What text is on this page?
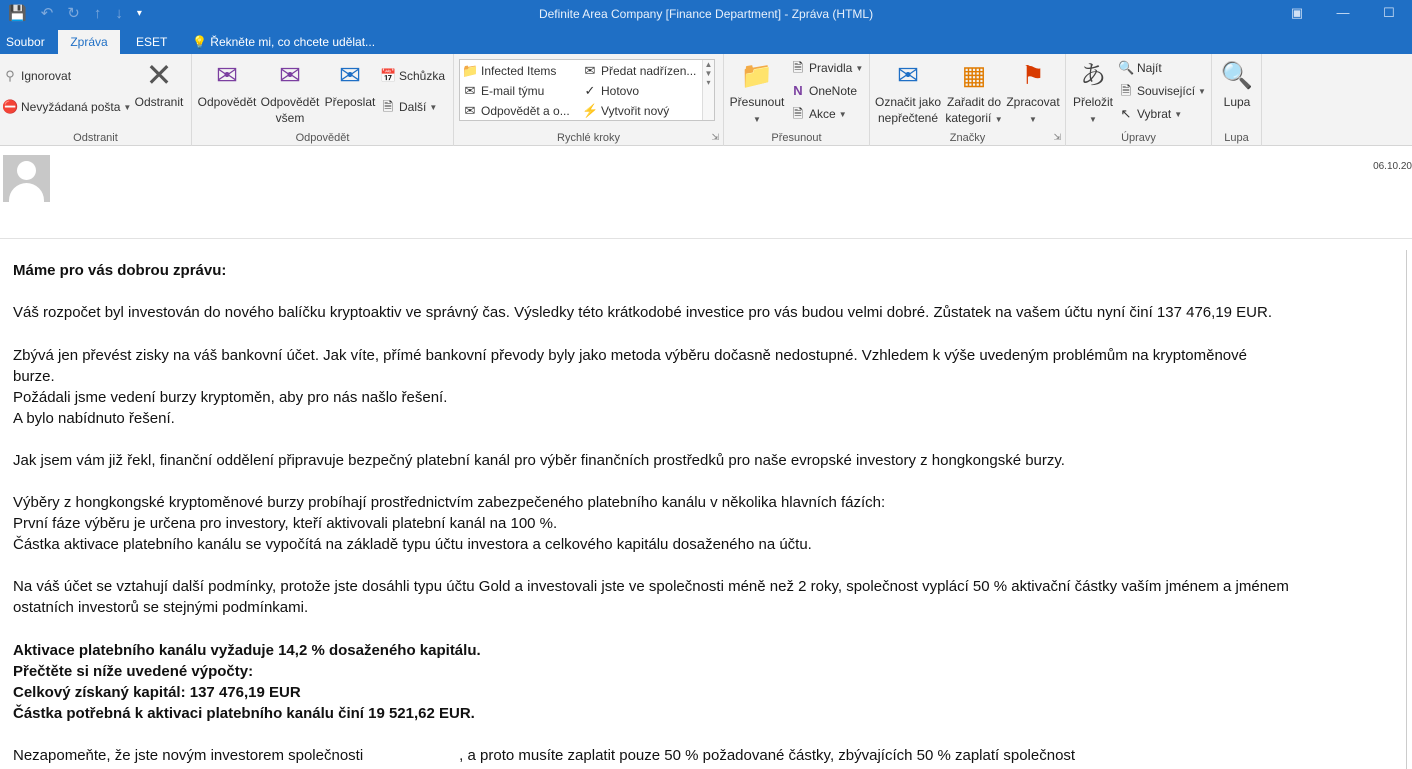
💾 ↶ ↻ ↑ ↓ ▾	Definite Area Company [Finance Department] - Zpráva (HTML)	▣	—	☐
Soubor	Zpráva	ESET	💡 Řekněte mi, co chcete udělat...
⚲ Ignorovat
⛔ Nevyžádaná pošta ▼
✕
Odstranit
Odstranit
✉
Odpovědět
✉
Odpovědět
všem
✉
Přeposlat
📅 Schůzka
🗎 Další ▼
Odpovědět
📁 Infected Items ✉ Předat nadřízen...
✉ E-mail týmu	✓ Hotovo
✉ Odpovědět a o... ⚡ Vytvořit nový
▲
▼
▾
Rychlé kroky	⇲
📁
Přesunout
▼
🗎 Pravidla ▼
N OneNote
🗎 Akce ▼
Přesunout
✉
Označit jako
nepřečtené
▦
Zařadit do
kategorií ▼
⚑
Zpracovat
▼
Značky	⇲
あ
Přeložit
▼
🔍 Najít
🗎 Související ▼
↖ Vybrat ▼
Úpravy
🔍
Lupa
Lupa
06.10.20
Máme pro vás dobrou zprávu:
Váš rozpočet byl investován do nového balíčku kryptoaktiv ve správný čas. Výsledky této krátkodobé investice pro vás budou velmi dobré. Zůstatek na vašem účtu nyní činí 137 476,19 EUR.
Zbývá jen převést zisky na váš bankovní účet. Jak víte, přímé bankovní převody byly jako metoda výběru dočasně nedostupné. Vzhledem k výše uvedeným problémům na kryptoměnové
burze.
Požádali jsme vedení burzy kryptoměn, aby pro nás našlo řešení.
A bylo nabídnuto řešení.
Jak jsem vám již řekl, finanční oddělení připravuje bezpečný platební kanál pro výběr finančních prostředků pro naše evropské investory z hongkongské burzy.
Výběry z hongkongské kryptoměnové burzy probíhají prostřednictvím zabezpečeného platebního kanálu v několika hlavních fázích:
První fáze výběru je určena pro investory, kteří aktivovali platební kanál na 100 %.
Částka aktivace platebního kanálu se vypočítá na základě typu účtu investora a celkového kapitálu dosaženého na účtu.
Na váš účet se vztahují další podmínky, protože jste dosáhli typu účtu Gold a investovali jste ve společnosti méně než 2 roky, společnost vyplácí 50 % aktivační částky vaším jménem a jménem
ostatních investorů se stejnými podmínkami.
Aktivace platebního kanálu vyžaduje 14,2 % dosaženého kapitálu.
Přečtěte si níže uvedené výpočty:
Celkový získaný kapitál: 137 476,19 EUR
Částka potřebná k aktivaci platebního kanálu činí 19 521,62 EUR.
Nezapomeňte, že jste novým investorem společnosti	, a proto musíte zaplatit pouze 50 % požadované částky, zbývajících 50 % zaplatí společnost
